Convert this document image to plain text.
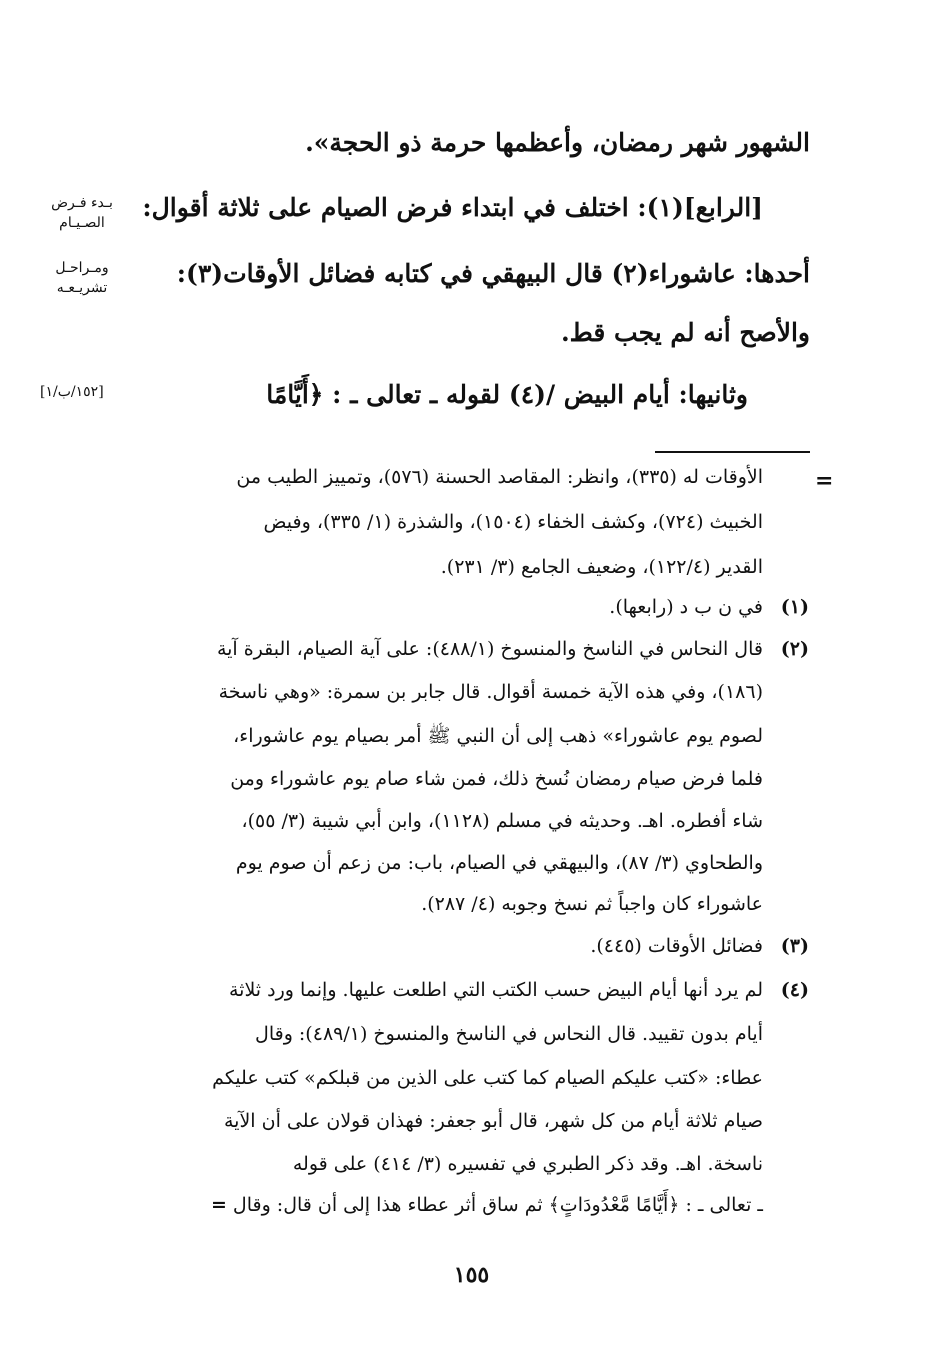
الشهور شهر رمضان، وأعظمها حرمة ذو الحجة».
[الرابع](١): اختلف في ابتداء فرض الصيام على ثلاثة أقوال:
أحدها: عاشوراء(٢) قال البيهقي في كتابه فضائل الأوقات(٣):
والأصح أنه لم يجب قط.
وثانيها: أيام البيض /(٤) لقوله ـ تعالى ـ : ﴿أَيَّامًا
بـدء فـرض
الصـيـام
ومـراحـل
تشريـعـه
[١٥٢/ب/١]
=
الأوقات له (٣٣٥)، وانظر: المقاصد الحسنة (٥٧٦)، وتمييز الطيب من
الخبيث (٧٢٤)، وكشف الخفاء (١٥٠٤)، والشذرة (١/ ٣٣٥)، وفيض
القدير (١٢٢/٤)، وضعيف الجامع (٣/ ٢٣١).
(١)
في ن ب د (رابعها).
(٢)
قال النحاس في الناسخ والمنسوخ (٤٨٨/١): على آية الصيام، البقرة آية
(١٨٦)، وفي هذه الآية خمسة أقوال. قال جابر بن سمرة: «وهي ناسخة
لصوم يوم عاشوراء» ذهب إلى أن النبي ﷺ أمر بصيام يوم عاشوراء،
فلما فرض صيام رمضان نُسخ ذلك، فمن شاء صام يوم عاشوراء ومن
شاء أفطره. اهـ. وحديثه في مسلم (١١٢٨)، وابن أبي شيبة (٣/ ٥٥)،
والطحاوي (٣/ ٨٧)، والبيهقي في الصيام، باب: من زعم أن صوم يوم
عاشوراء كان واجباً ثم نسخ وجوبه (٤/ ٢٨٧).
(٣)
فضائل الأوقات (٤٤٥).
(٤)
لم يرد أنها أيام البيض حسب الكتب التي اطلعت عليها. وإنما ورد ثلاثة
أيام بدون تقييد. قال النحاس في الناسخ والمنسوخ (٤٨٩/١): وقال
عطاء: «كتب عليكم الصيام كما كتب على الذين من قبلكم» كتب عليكم
صيام ثلاثة أيام من كل شهر، قال أبو جعفر: فهذان قولان على أن الآية
ناسخة. اهـ. وقد ذكر الطبري في تفسيره (٣/ ٤١٤) على قوله
ـ تعالى ـ : ﴿أَيَّامًا مَّعْدُودَاتٍ﴾ ثم ساق أثر عطاء هذا إلى أن قال: وقال =
١٥٥
